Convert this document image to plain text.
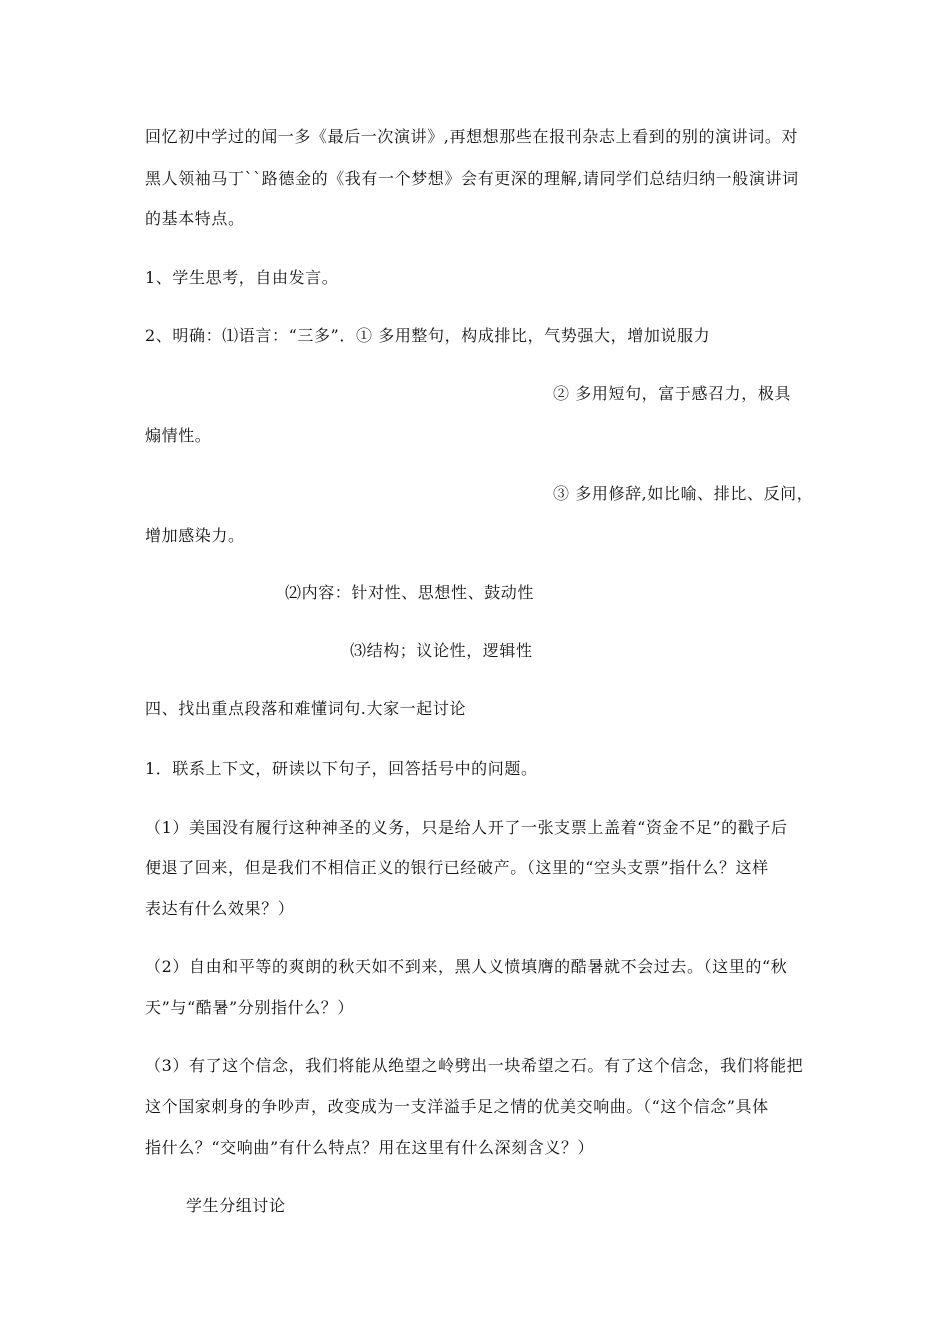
回忆初中学过的闻一多《最后一次演讲》,再想想那些在报刊杂志上看到的别的演讲词。对
黑人领袖马丁``路德金的《我有一个梦想》会有更深的理解,请同学们总结归纳一般演讲词
的基本特点。
1、学生思考，自由发言。
2、明确：⑴语言：“三多”．① 多用整句，构成排比，气势强大，增加说服力
② 多用短句，富于感召力，极具
煽情性。
③ 多用修辞,如比喻、排比、反问，
增加感染力。
⑵内容：针对性、思想性、鼓动性
⑶结构；议论性，逻辑性
四、找出重点段落和难懂词句.大家一起讨论
1．联系上下文，研读以下句子，回答括号中的问题。
（1）美国没有履行这种神圣的义务，只是给人开了一张支票上盖着“资金不足”的戳子后
便退了回来，但是我们不相信正义的银行已经破产。（这里的“空头支票”指什么？这样
表达有什么效果？）
（2）自由和平等的爽朗的秋天如不到来，黑人义愤填膺的酷暑就不会过去。（这里的“秋
天”与“酷暑”分别指什么？）
（3）有了这个信念，我们将能从绝望之岭劈出一块希望之石。有了这个信念，我们将能把
这个国家刺身的争吵声，改变成为一支洋溢手足之情的优美交响曲。（“这个信念”具体
指什么？“交响曲”有什么特点？用在这里有什么深刻含义？）
学生分组讨论
